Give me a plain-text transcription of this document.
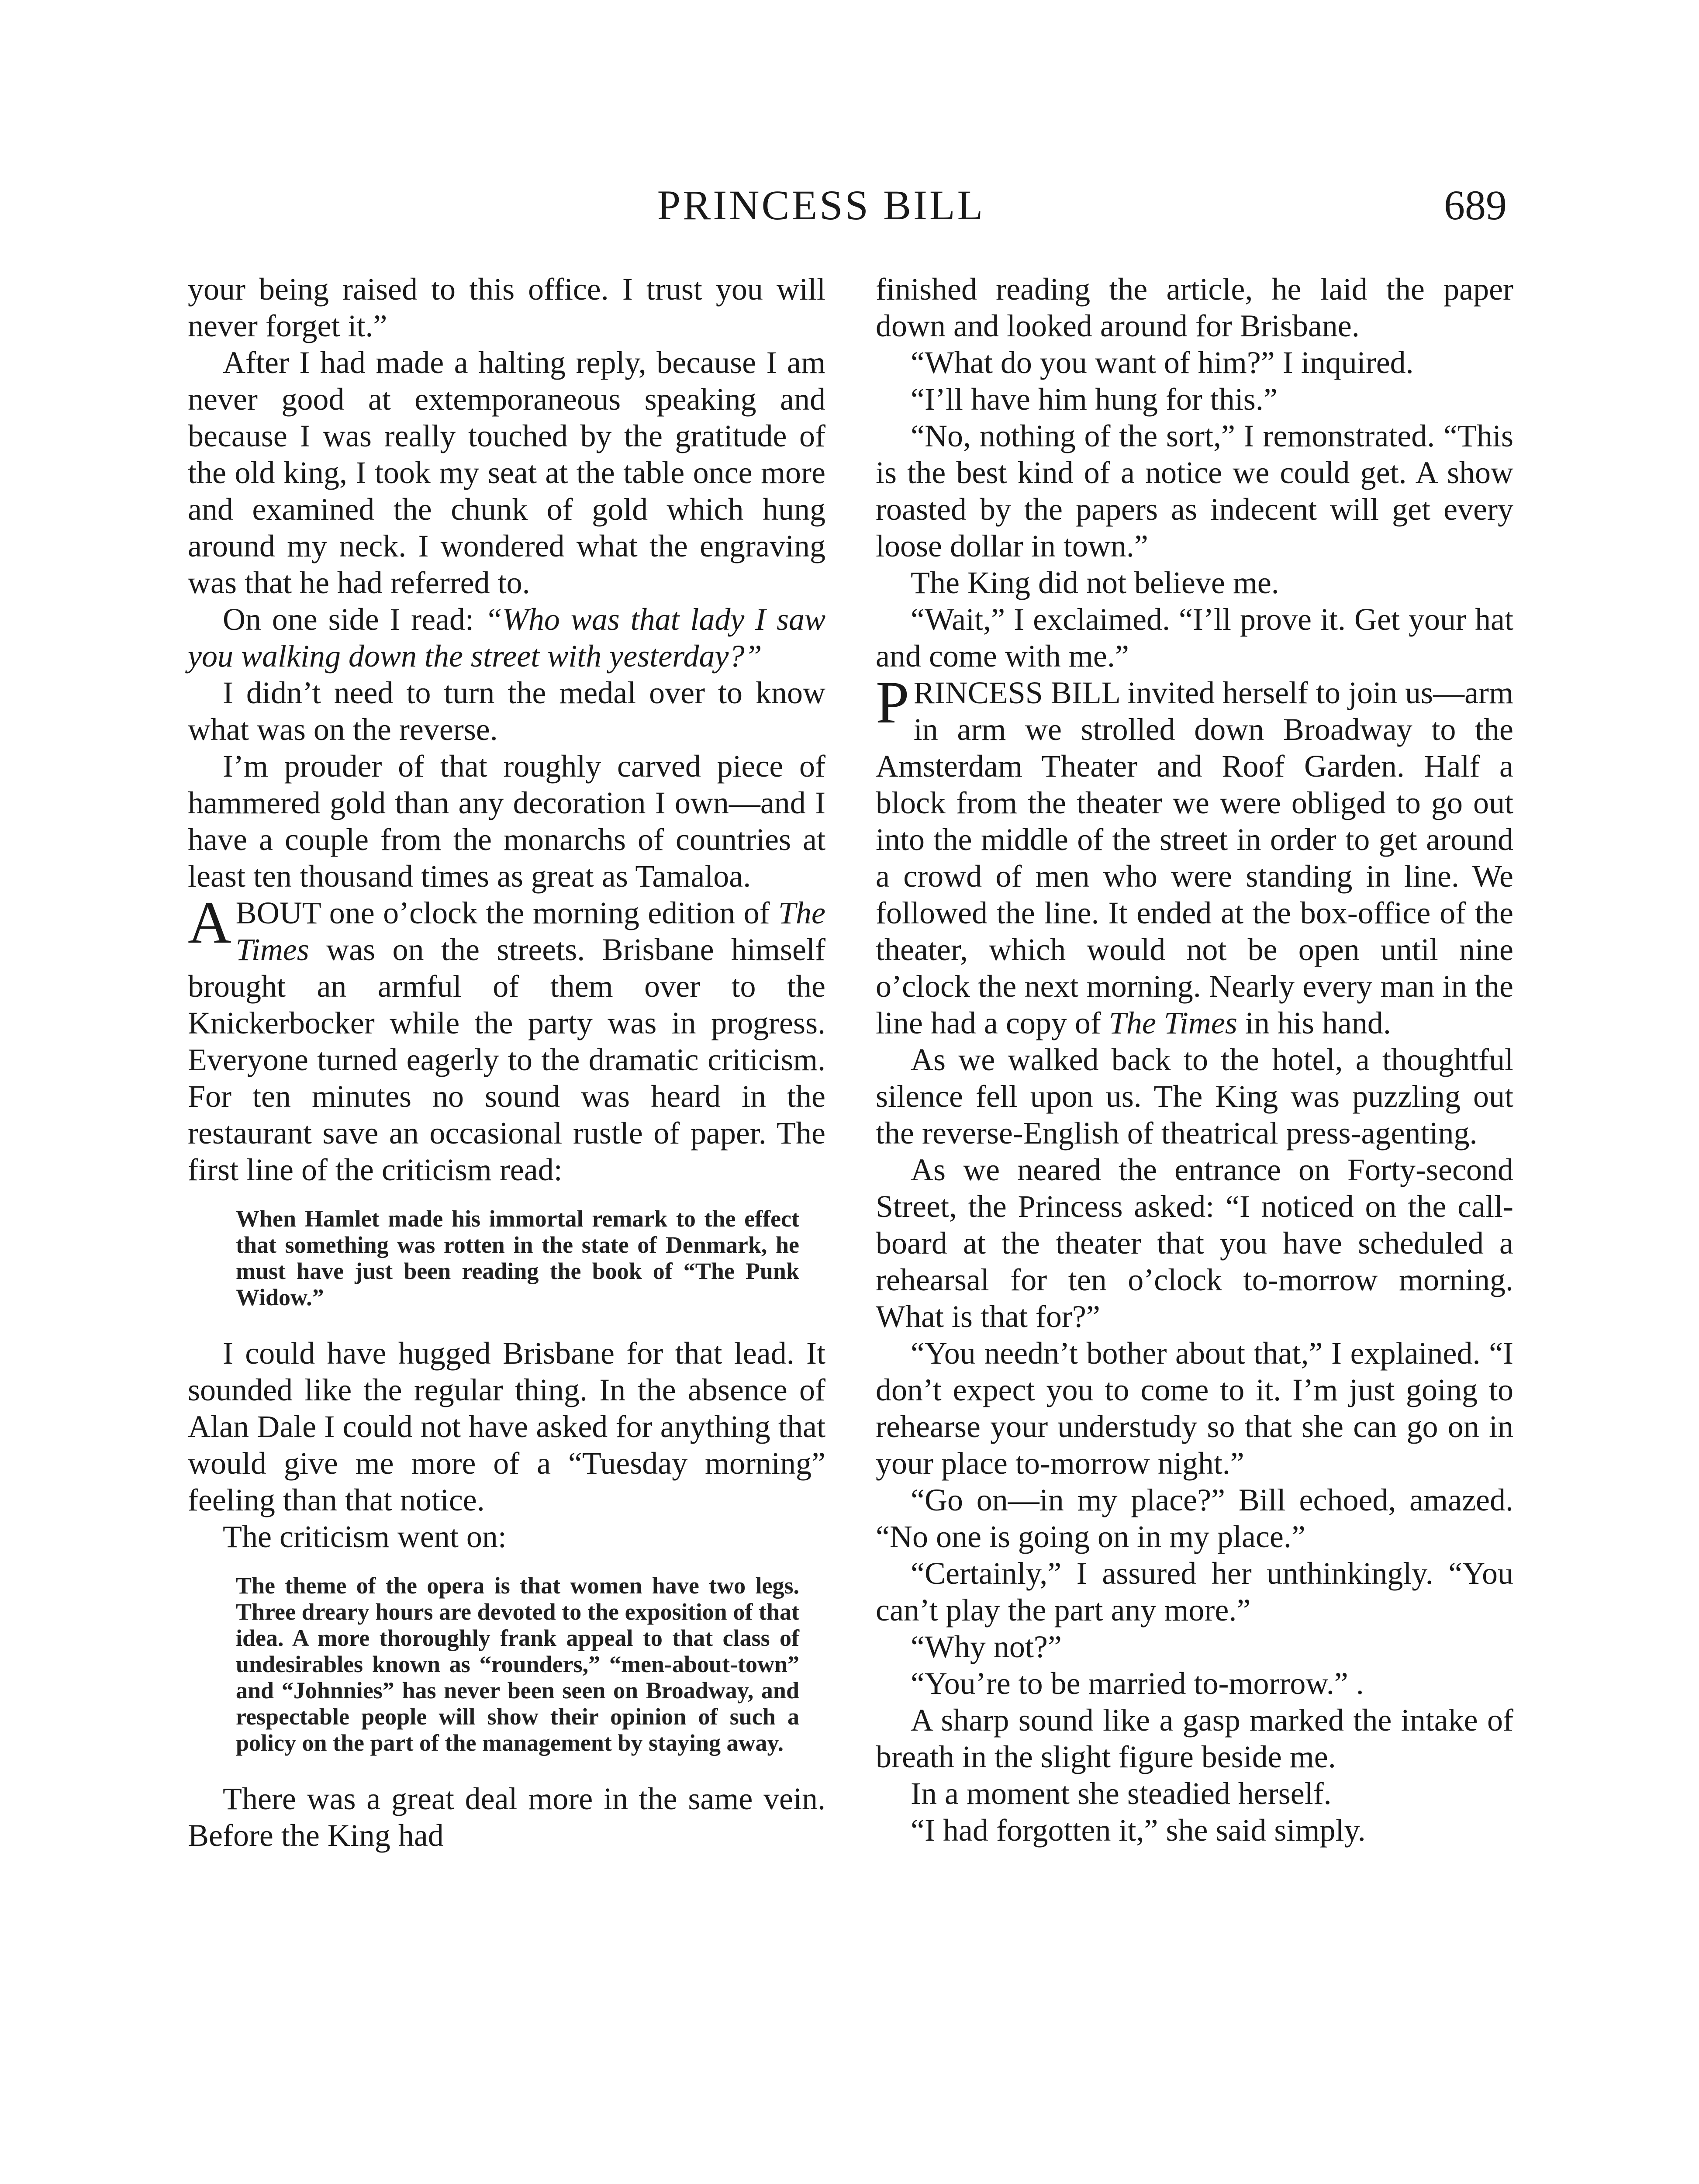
PRINCESS BILL	689

your being raised to this office. I trust you will never forget it.”

After I had made a halting reply, because I am never good at extemporaneous speaking and because I was really touched by the gratitude of the old king, I took my seat at the table once more and examined the chunk of gold which hung around my neck. I wondered what the engraving was that he had referred to.

On one side I read: “Who was that lady I saw you walking down the street with yesterday?”

I didn’t need to turn the medal over to know what was on the reverse.

I’m prouder of that roughly carved piece of hammered gold than any decoration I own—and I have a couple from the monarchs of countries at least ten thousand times as great as Tamaloa.

ABOUT one o’clock the morning edition of The Times was on the streets. Brisbane himself brought an armful of them over to the Knickerbocker while the party was in progress. Everyone turned eagerly to the dramatic criticism. For ten minutes no sound was heard in the restaurant save an occasional rustle of paper. The first line of the criticism read:

When Hamlet made his immortal remark to the effect that something was rotten in the state of Denmark, he must have just been reading the book of “The Punk Widow.”

I could have hugged Brisbane for that lead. It sounded like the regular thing. In the absence of Alan Dale I could not have asked for anything that would give me more of a “Tuesday morning” feeling than that notice.

The criticism went on:

The theme of the opera is that women have two legs. Three dreary hours are devoted to the exposition of that idea. A more thoroughly frank appeal to that class of undesirables known as “rounders,” “men-about-town” and “Johnnies” has never been seen on Broadway, and respectable people will show their opinion of such a policy on the part of the management by staying away.

There was a great deal more in the same vein. Before the King had

finished reading the article, he laid the paper down and looked around for Brisbane.

“What do you want of him?” I inquired.

“I’ll have him hung for this.”

“No, nothing of the sort,” I remonstrated. “This is the best kind of a notice we could get. A show roasted by the papers as indecent will get every loose dollar in town.”

The King did not believe me.

“Wait,” I exclaimed. “I’ll prove it. Get your hat and come with me.”

PRINCESS BILL invited herself to join us—arm in arm we strolled down Broadway to the Amsterdam Theater and Roof Garden. Half a block from the theater we were obliged to go out into the middle of the street in order to get around a crowd of men who were standing in line. We followed the line. It ended at the box-office of the theater, which would not be open until nine o’clock the next morning. Nearly every man in the line had a copy of The Times in his hand.

As we walked back to the hotel, a thoughtful silence fell upon us. The King was puzzling out the reverse-English of theatrical press-agenting.

As we neared the entrance on Forty-second Street, the Princess asked: “I noticed on the call-board at the theater that you have scheduled a rehearsal for ten o’clock to-morrow morning. What is that for?”

“You needn’t bother about that,” I explained. “I don’t expect you to come to it. I’m just going to rehearse your understudy so that she can go on in your place to-morrow night.”

“Go on—in my place?” Bill echoed, amazed. “No one is going on in my place.”

“Certainly,” I assured her unthinkingly. “You can’t play the part any more.”

“Why not?”

“You’re to be married to-morrow.” .

A sharp sound like a gasp marked the intake of breath in the slight figure beside me.

In a moment she steadied herself.

“I had forgotten it,” she said simply.
